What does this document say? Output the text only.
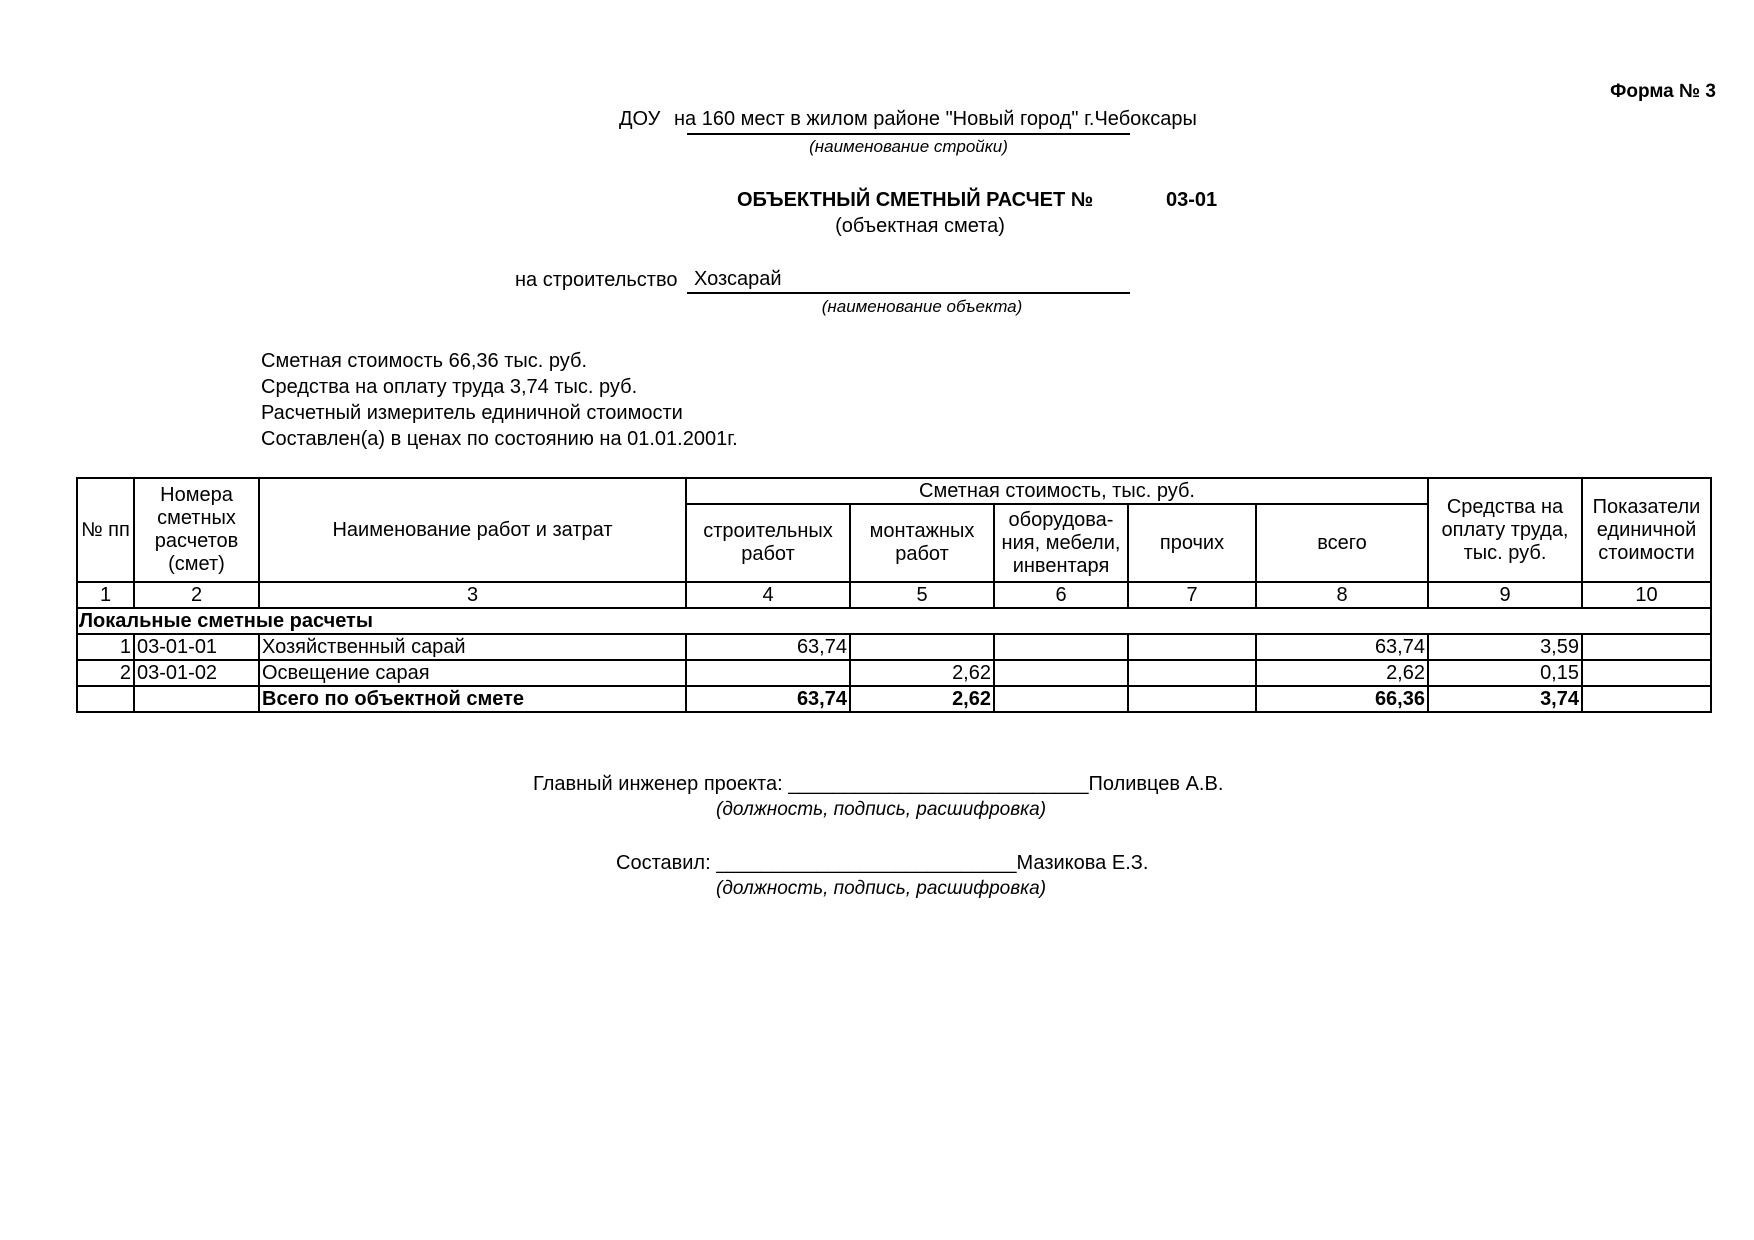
Форма № 3
ДОУ на 160 мест в жилом районе "Новый город" г.Чебоксары
(наименование стройки)
ОБЪЕКТНЫЙ СМЕТНЫЙ РАСЧЕТ №	03-01
(объектная смета)
на строительство Хозсарай
(наименование объекта)
Сметная стоимость 66,36 тыс. руб.
Средства на оплату труда 3,74 тыс. руб.
Расчетный измеритель единичной стоимости
Составлен(а) в ценах по состоянию на 01.01.2001г.
№ пп	Номера сметных расчетов (смет)	Наименование работ и затрат	Сметная стоимость, тыс. руб.					Средства на оплату труда, тыс. руб.	Показатели единичной стоимости
			строительных работ	монтажных работ	оборудова-ния, мебели, инвентаря	прочих	всего		
1	2	3	4	5	6	7	8	9	10
Локальные сметные расчеты									
1	03-01-01	Хозяйственный сарай	63,74				63,74	3,59	
2	03-01-02	Освещение сарая		2,62			2,62	0,15	
		Всего по объектной смете	63,74	2,62			66,36	3,74	
Главный инженер проекта: ___________________________Поливцев А.В.
(должность, подпись, расшифровка)
Составил: ___________________________Мазикова Е.З.
(должность, подпись, расшифровка)
